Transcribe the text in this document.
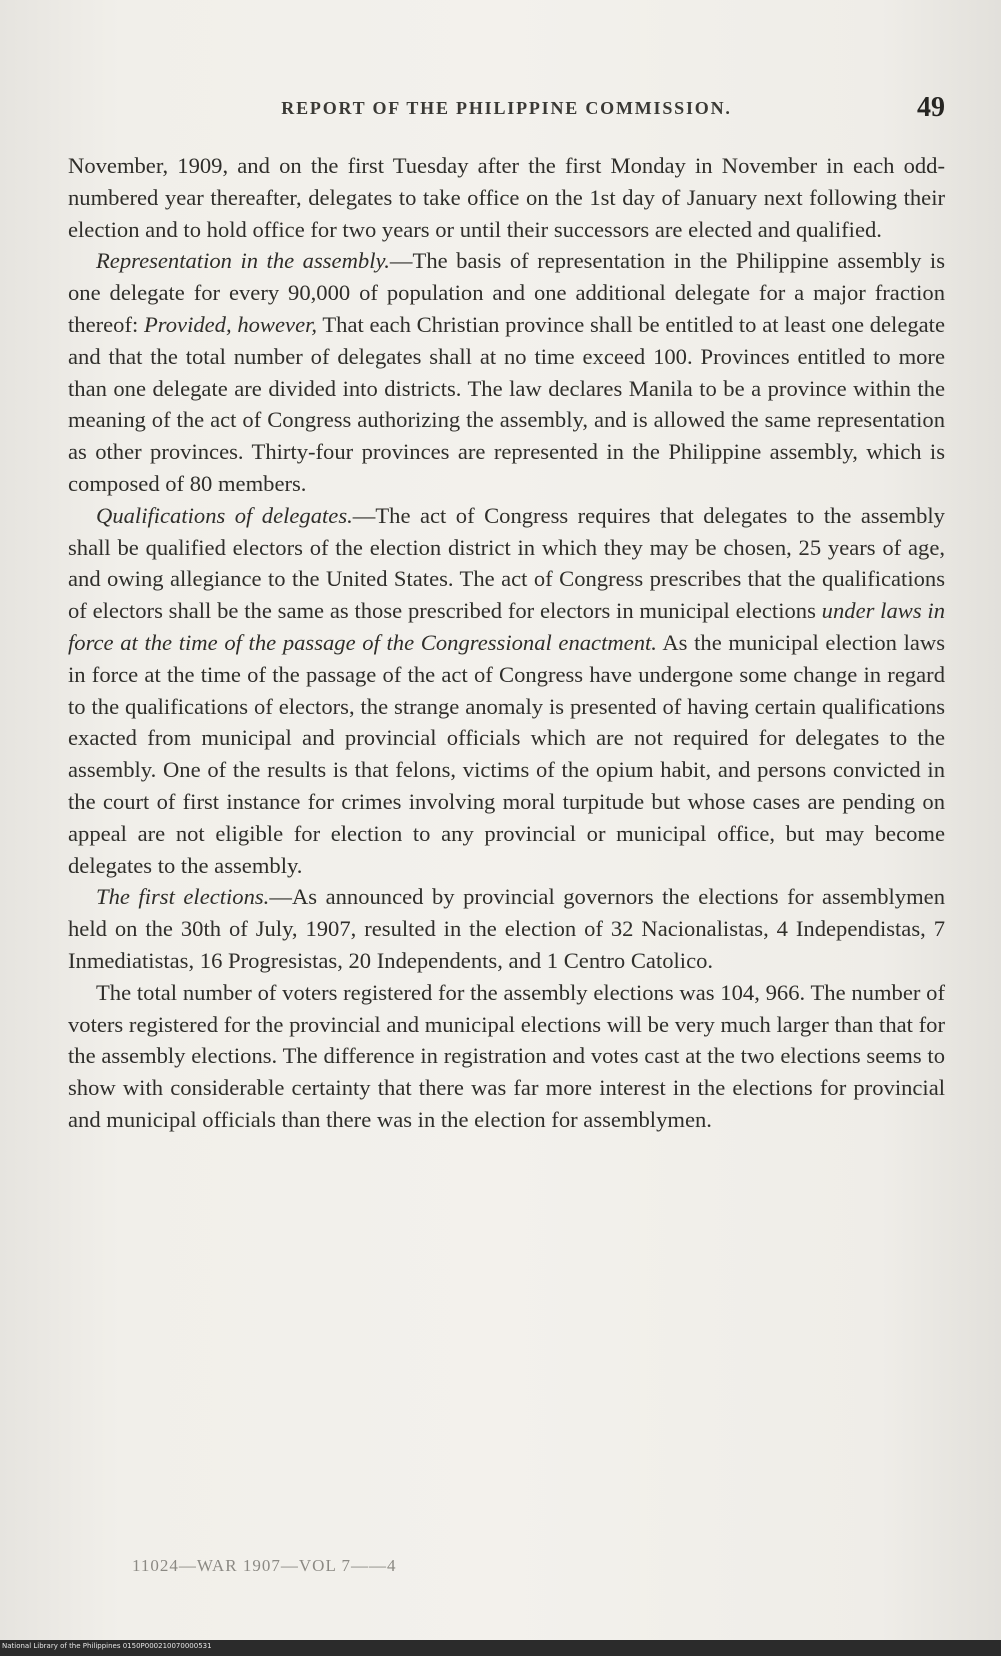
REPORT OF THE PHILIPPINE COMMISSION.	49

November, 1909, and on the first Tuesday after the first Monday in November in each odd-numbered year thereafter, delegates to take office on the 1st day of January next following their election and to hold office for two years or until their successors are elected and qualified.

Representation in the assembly.—The basis of representation in the Philippine assembly is one delegate for every 90,000 of population and one additional delegate for a major fraction thereof: Provided, however, That each Christian province shall be entitled to at least one delegate and that the total number of delegates shall at no time exceed 100. Provinces entitled to more than one delegate are divided into districts. The law declares Manila to be a province within the meaning of the act of Congress authorizing the assembly, and is allowed the same representation as other provinces. Thirty-four provinces are represented in the Philippine assembly, which is composed of 80 members.

Qualifications of delegates.—The act of Congress requires that delegates to the assembly shall be qualified electors of the election district in which they may be chosen, 25 years of age, and owing allegiance to the United States. The act of Congress prescribes that the qualifications of electors shall be the same as those prescribed for electors in municipal elections under laws in force at the time of the passage of the Congressional enactment. As the municipal election laws in force at the time of the passage of the act of Congress have undergone some change in regard to the qualifications of electors, the strange anomaly is presented of having certain qualifications exacted from municipal and provincial officials which are not required for delegates to the assembly. One of the results is that felons, victims of the opium habit, and persons convicted in the court of first instance for crimes involving moral turpitude but whose cases are pending on appeal are not eligible for election to any provincial or municipal office, but may become delegates to the assembly.

The first elections.—As announced by provincial governors the elections for assemblymen held on the 30th of July, 1907, resulted in the election of 32 Nacionalistas, 4 Independistas, 7 Inmediatistas, 16 Progresistas, 20 Independents, and 1 Centro Catolico.

The total number of voters registered for the assembly elections was 104, 966. The number of voters registered for the provincial and municipal elections will be very much larger than that for the assembly elections. The difference in registration and votes cast at the two elections seems to show with considerable certainty that there was far more interest in the elections for provincial and municipal officials than there was in the election for assemblymen.

11024—WAR 1907—VOL 7——4
National Library of the Philippines 0150P000210070000531
